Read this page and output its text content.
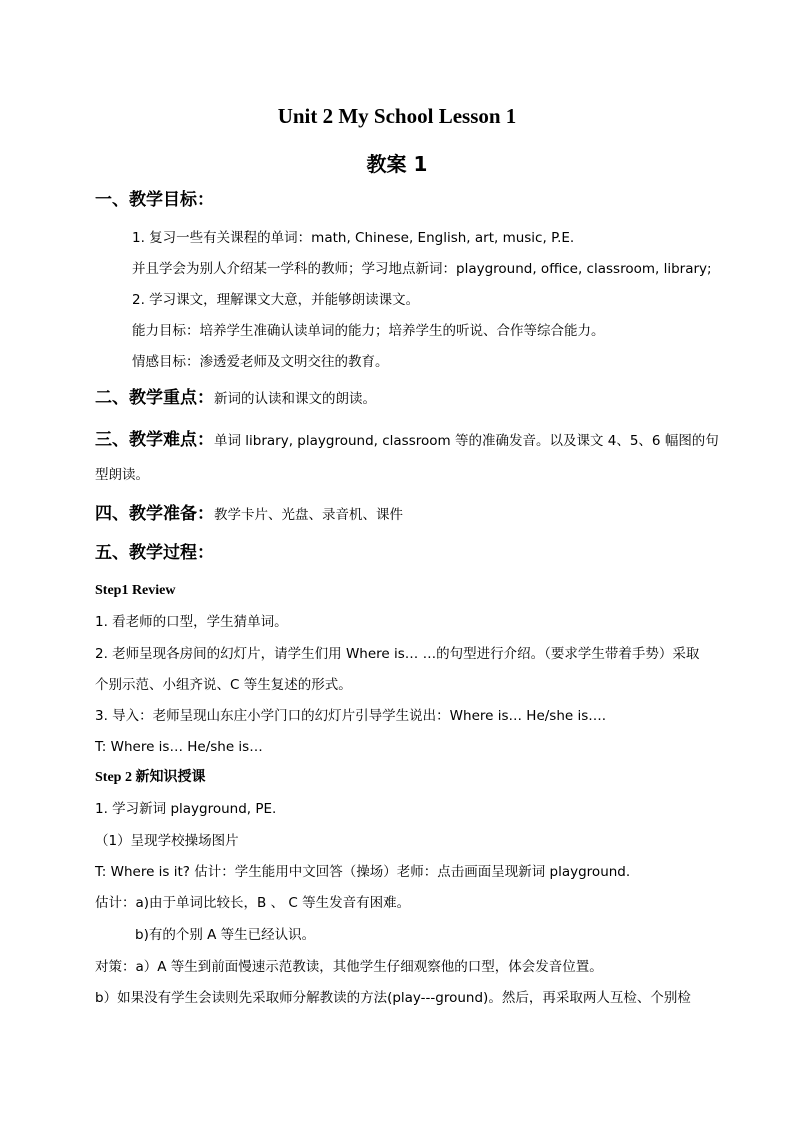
Unit 2 My School Lesson 1
教案 1
一、教学目标：
1. 复习一些有关课程的单词：math, Chinese, English, art, music, P.E.
并且学会为别人介绍某一学科的教师；学习地点新词：playground, office, classroom, library;
2. 学习课文，理解课文大意，并能够朗读课文。
能力目标：培养学生准确认读单词的能力；培养学生的听说、合作等综合能力。
情感目标：渗透爱老师及文明交往的教育。
二、教学重点：新词的认读和课文的朗读。
三、教学难点：单词 library, playground, classroom 等的准确发音。以及课文 4、5、6 幅图的句
型朗读。
四、教学准备：教学卡片、光盘、录音机、课件
五、教学过程：
Step1 Review
1. 看老师的口型，学生猜单词。
2. 老师呈现各房间的幻灯片，请学生们用 Where is… …的句型进行介绍。（要求学生带着手势）采取
个别示范、小组齐说、C 等生复述的形式。
3. 导入：老师呈现山东庄小学门口的幻灯片引导学生说出：Where is… He/she is….
T: Where is… He/she is…
Step 2 新知识授课
1. 学习新词 playground, PE.
（1）呈现学校操场图片
T: Where is it? 估计：学生能用中文回答（操场）老师：点击画面呈现新词 playground.
估计：a)由于单词比较长，B 、 C 等生发音有困难。
b)有的个别 A 等生已经认识。
对策：a）A 等生到前面慢速示范教读，其他学生仔细观察他的口型，体会发音位置。
b）如果没有学生会读则先采取师分解教读的方法(play---ground)。然后，再采取两人互检、个别检
